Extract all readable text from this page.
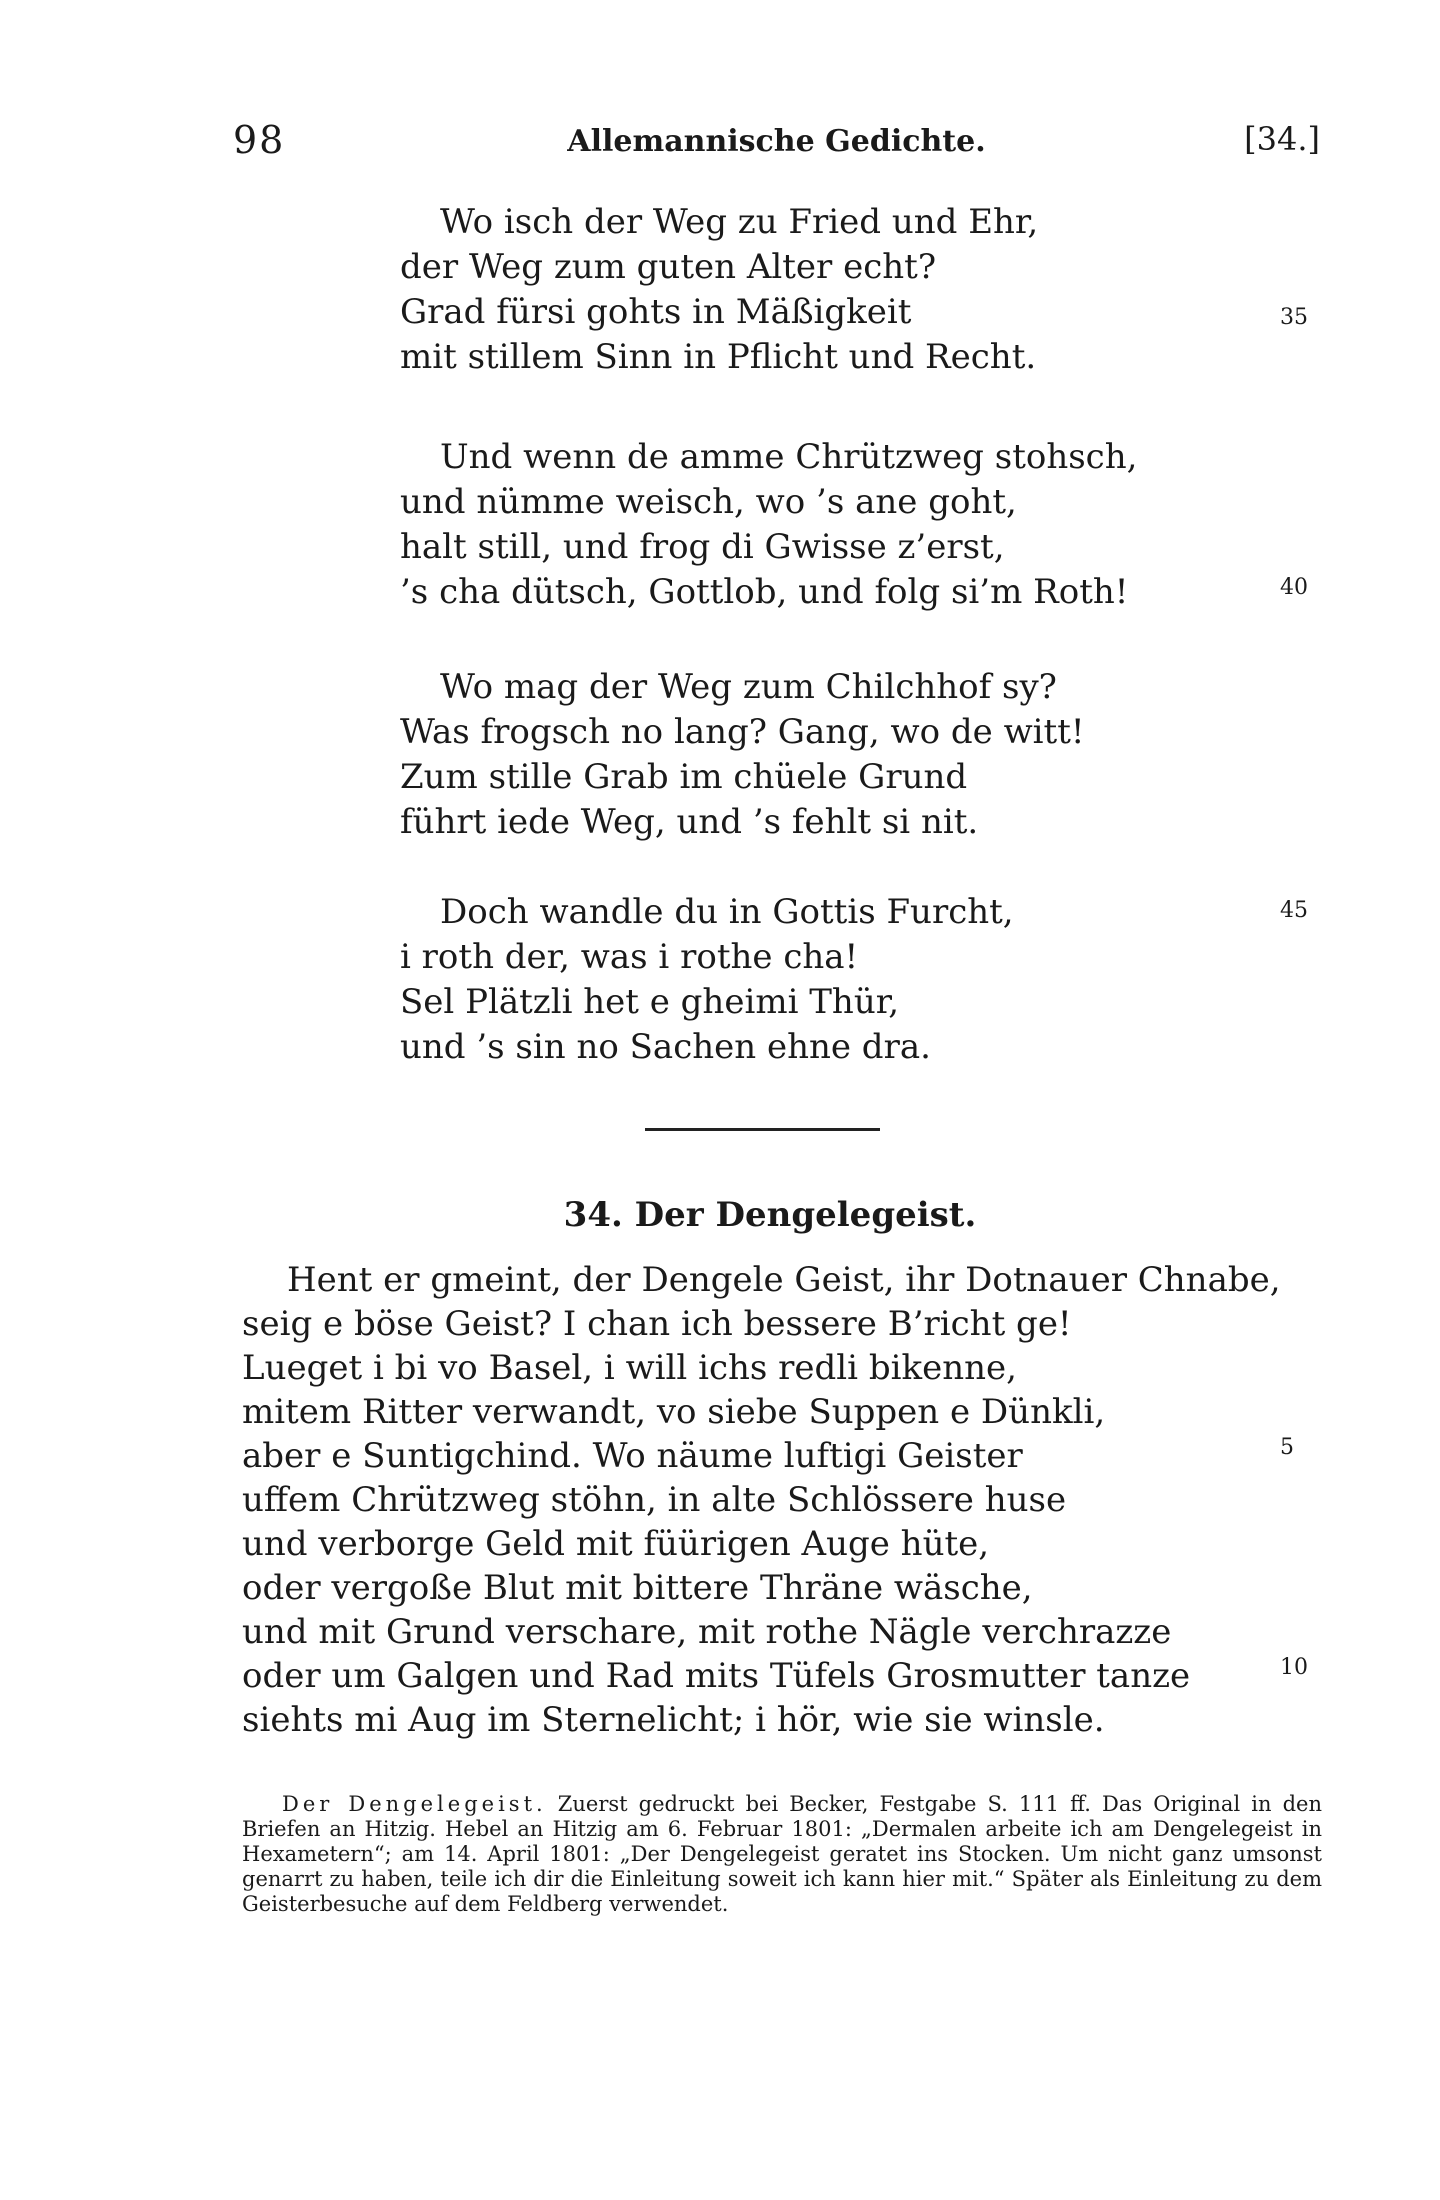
98	Allemannische Gedichte.	[34.]
Wo isch der Weg zu Fried und Ehr,
der Weg zum guten Alter echt?
Grad fürsi gohts in Mäßigkeit
mit stillem Sinn in Pflicht und Recht.
35
Und wenn de amme Chrützweg stohsch,
und nümme weisch, wo ’s ane goht,
halt still, und frog di Gwisse z’erst,
’s cha dütsch, Gottlob, und folg si’m Roth!	40
Wo mag der Weg zum Chilchhof sy?
Was frogsch no lang? Gang, wo de witt!
Zum stille Grab im chüele Grund
führt iede Weg, und ’s fehlt si nit.
Doch wandle du in Gottis Furcht,
i roth der, was i rothe cha!
Sel Plätzli het e gheimi Thür,
und ’s sin no Sachen ehne dra.
45
34. Der Dengelegeist.
Hent er gmeint, der Dengele Geist, ihr Dotnauer Chnabe,
seig e böse Geist? I chan ich bessere B’richt ge!
Lueget i bi vo Basel, i will ichs redli bikenne,
mitem Ritter verwandt, vo siebe Suppen e Dünkli,
aber e Suntigchind. Wo näume luftigi Geister
uffem Chrützweg stöhn, in alte Schlössere huse
und verborge Geld mit füürigen Auge hüte,
oder vergoße Blut mit bittere Thräne wäsche,
und mit Grund verschare, mit rothe Nägle verchrazze
oder um Galgen und Rad mits Tüfels Grosmutter tanze
siehts mi Aug im Sternelicht; i hör, wie sie winsle.
5
10
Der Dengelegeist. Zuerst gedruckt bei Becker, Festgabe S. 111 ff. Das Original in den Briefen an Hitzig. Hebel an Hitzig am 6. Februar 1801: „Dermalen arbeite ich am Dengelegeist in Hexametern“; am 14. April 1801: „Der Dengelegeist geratet ins Stocken. Um nicht ganz umsonst genarrt zu haben, teile ich dir die Einleitung soweit ich kann hier mit.“ Später als Einleitung zu dem Geisterbesuche auf dem Feldberg verwendet.
